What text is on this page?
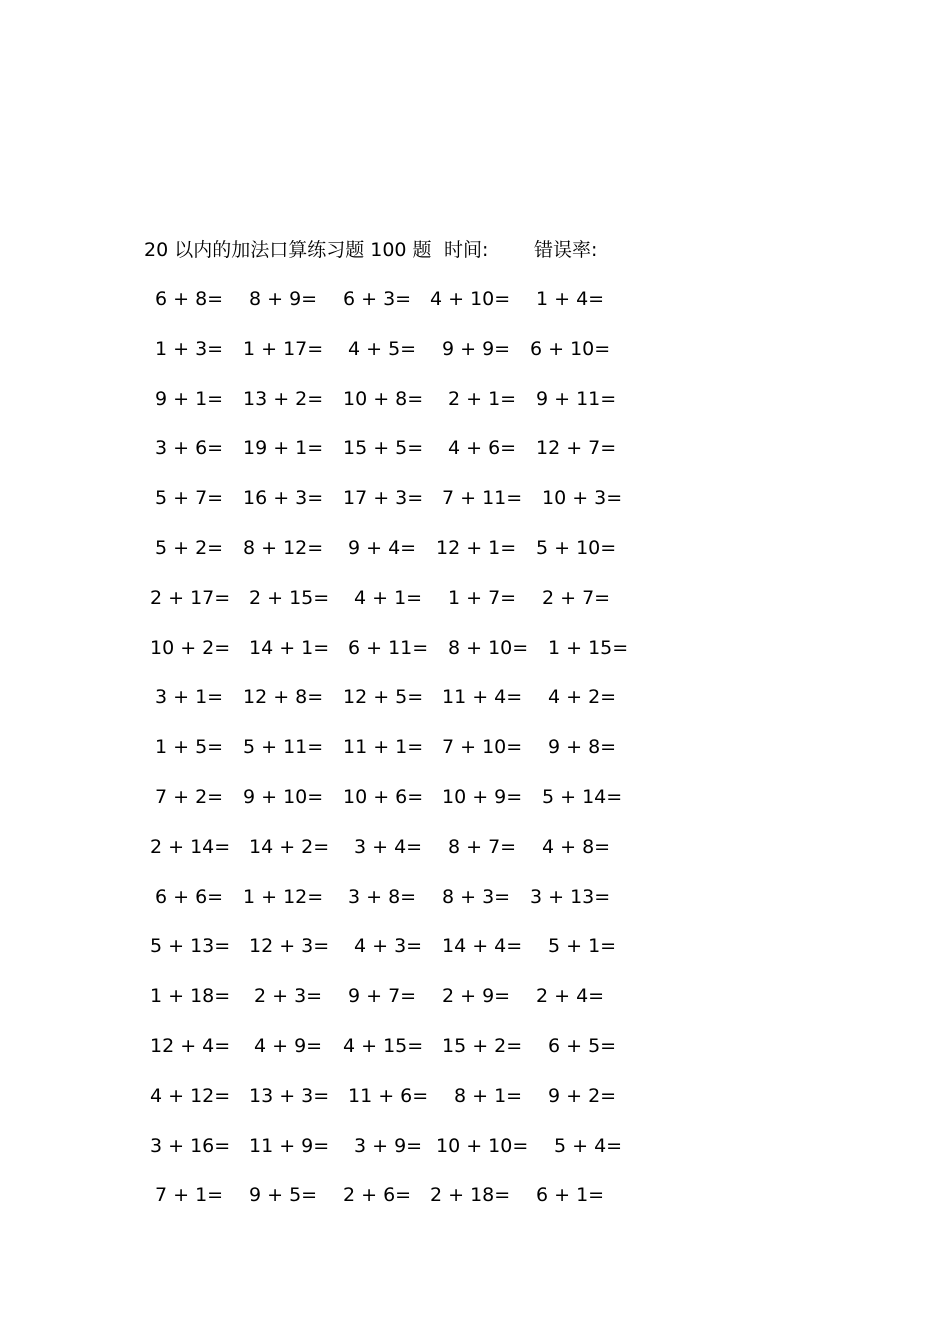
20 以内的加法口算练习题 100 题 时间: 错误率:
6 + 8= 8 + 9= 6 + 3= 4 + 10= 1 + 4=
1 + 3= 1 + 17= 4 + 5= 9 + 9= 6 + 10=
9 + 1= 13 + 2= 10 + 8= 2 + 1= 9 + 11=
3 + 6= 19 + 1= 15 + 5= 4 + 6= 12 + 7=
5 + 7= 16 + 3= 17 + 3= 7 + 11= 10 + 3=
5 + 2= 8 + 12= 9 + 4= 12 + 1= 5 + 10=
2 + 17= 2 + 15= 4 + 1= 1 + 7= 2 + 7=
10 + 2= 14 + 1= 6 + 11= 8 + 10= 1 + 15=
3 + 1= 12 + 8= 12 + 5= 11 + 4= 4 + 2=
1 + 5= 5 + 11= 11 + 1= 7 + 10= 9 + 8=
7 + 2= 9 + 10= 10 + 6= 10 + 9= 5 + 14=
2 + 14= 14 + 2= 3 + 4= 8 + 7= 4 + 8=
6 + 6= 1 + 12= 3 + 8= 8 + 3= 3 + 13=
5 + 13= 12 + 3= 4 + 3= 14 + 4= 5 + 1=
1 + 18= 2 + 3= 9 + 7= 2 + 9= 2 + 4=
12 + 4= 4 + 9= 4 + 15= 15 + 2= 6 + 5=
4 + 12= 13 + 3= 11 + 6= 8 + 1= 9 + 2=
3 + 16= 11 + 9= 3 + 9= 10 + 10= 5 + 4=
7 + 1= 9 + 5= 2 + 6= 2 + 18= 6 + 1=
